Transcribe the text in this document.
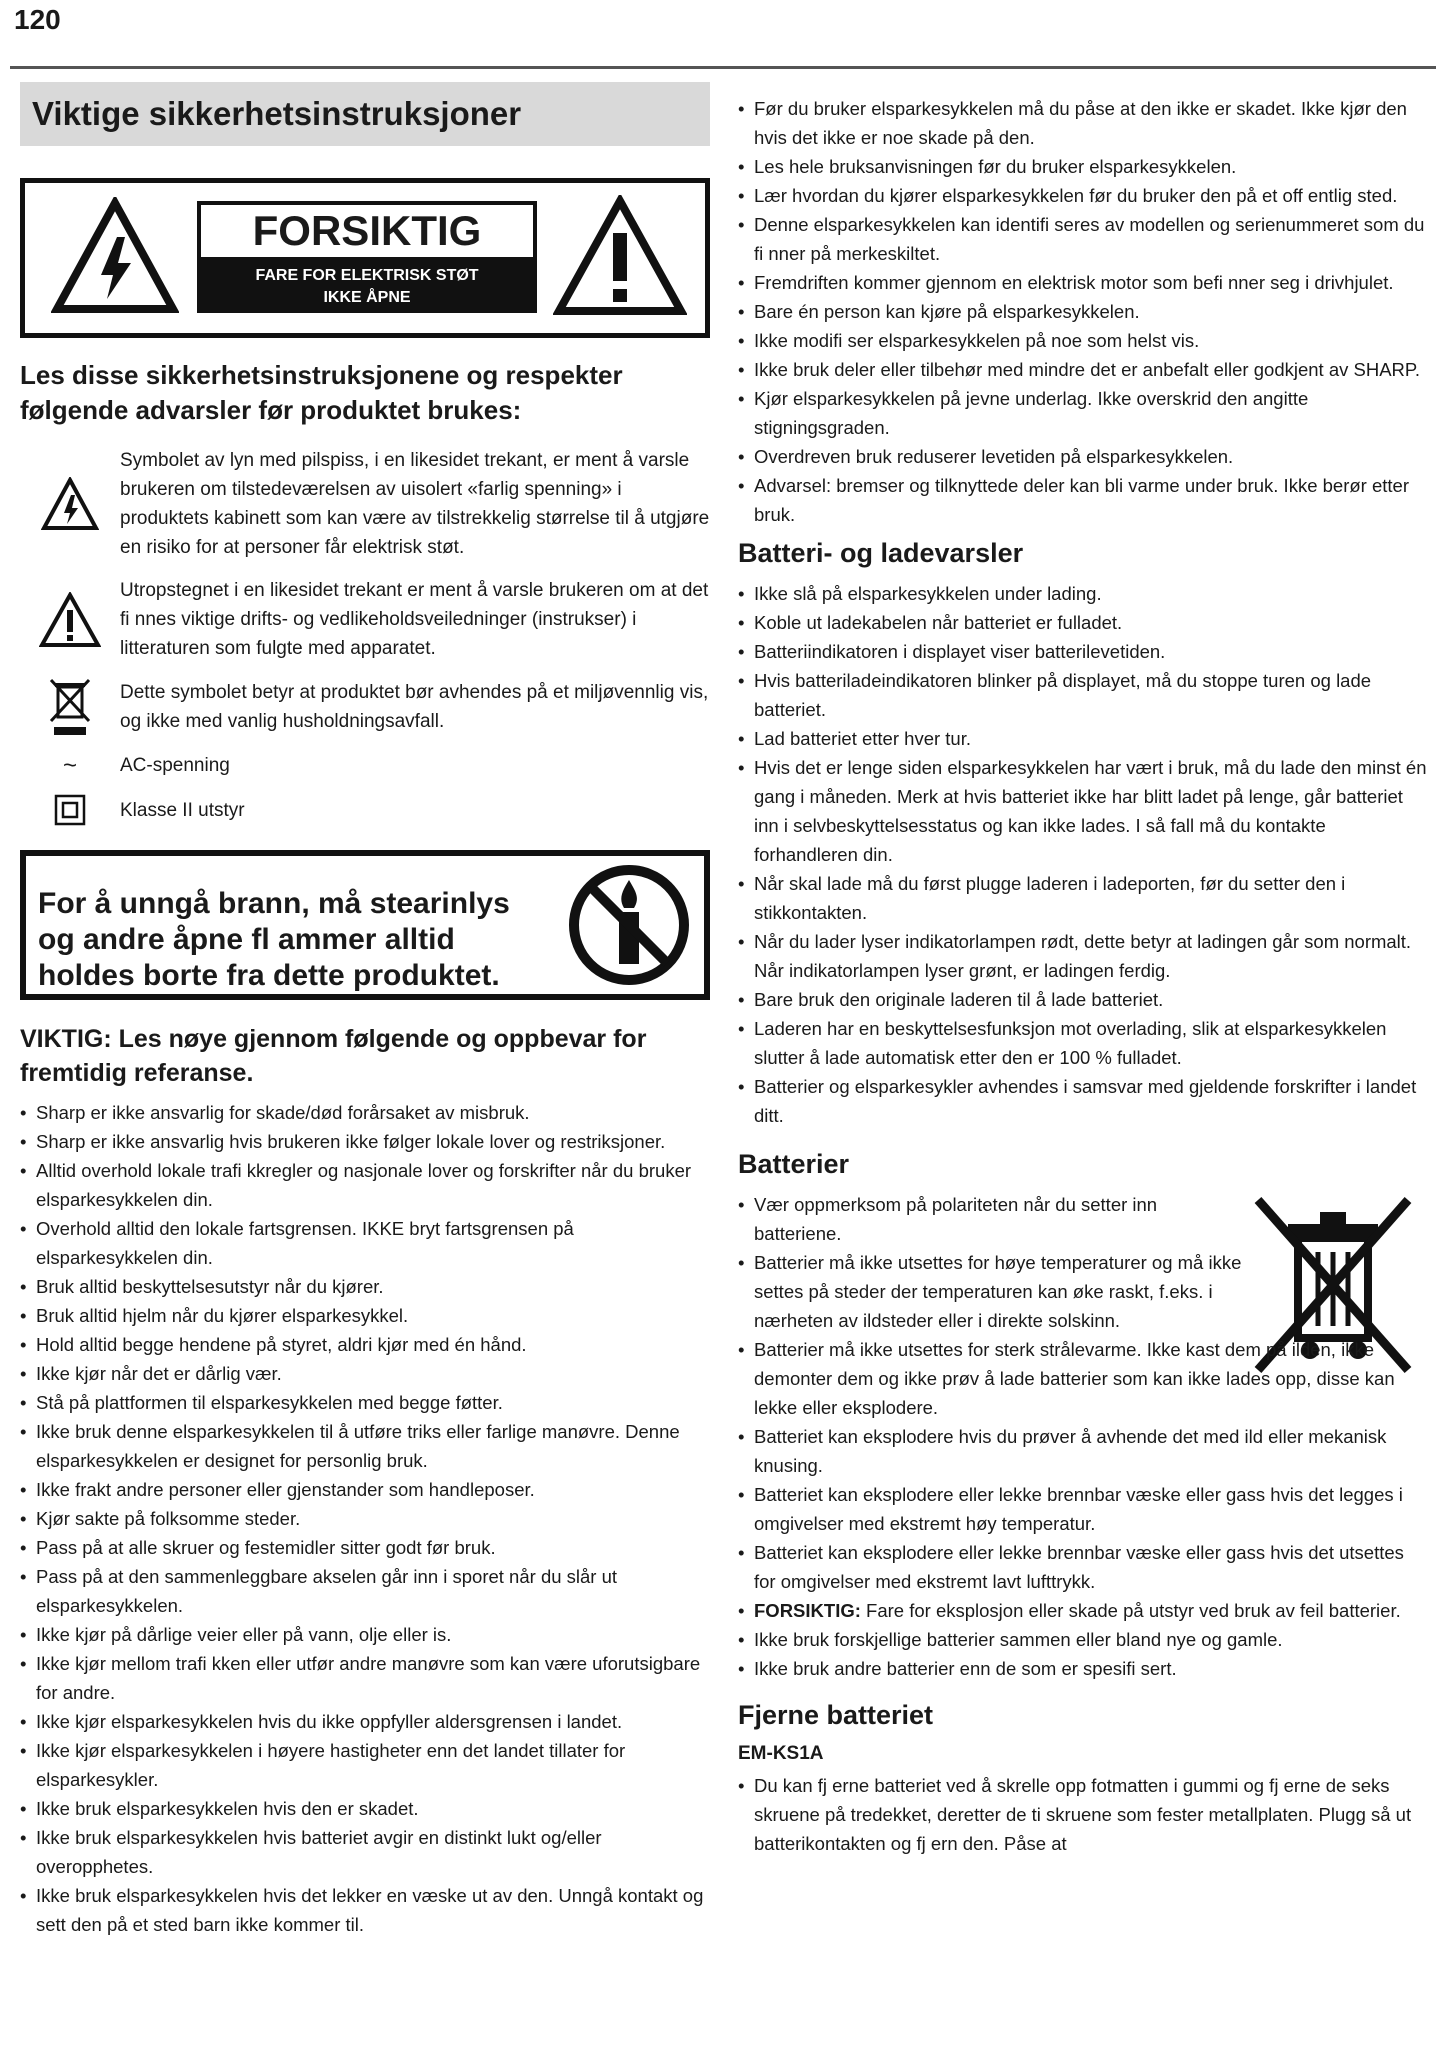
120
Viktige sikkerhetsinstruksjoner
FORSIKTIG
FARE FOR ELEKTRISK STØT
IKKE ÅPNE
Les disse sikkerhetsinstruksjonene og respekter følgende advarsler før produktet brukes:
Symbolet av lyn med pilspiss, i en likesidet trekant, er ment å varsle brukeren om tilstedeværelsen av uisolert «farlig spenning» i produktets kabinett som kan være av tilstrekkelig størrelse til å utgjøre en risiko for at personer får elektrisk støt.
Utropstegnet i en likesidet trekant er ment å varsle brukeren om at det fi nnes viktige drifts- og vedlikeholdsveiledninger (instrukser) i litteraturen som fulgte med apparatet.
Dette symbolet betyr at produktet bør avhendes på et miljøvennlig vis, og ikke med vanlig husholdningsavfall.
~	AC-spenning
Klasse II utstyr
For å unngå brann, må stearinlys og andre åpne fl ammer alltid holdes borte fra dette produktet.
VIKTIG: Les nøye gjennom følgende og oppbevar for fremtidig referanse.
• Sharp er ikke ansvarlig for skade/død forårsaket av misbruk.
• Sharp er ikke ansvarlig hvis brukeren ikke følger lokale lover og restriksjoner.
• Alltid overhold lokale trafi kkregler og nasjonale lover og forskrifter når du bruker elsparkesykkelen din.
• Overhold alltid den lokale fartsgrensen. IKKE bryt fartsgrensen på elsparkesykkelen din.
• Bruk alltid beskyttelsesutstyr når du kjører.
• Bruk alltid hjelm når du kjører elsparkesykkel.
• Hold alltid begge hendene på styret, aldri kjør med én hånd.
• Ikke kjør når det er dårlig vær.
• Stå på plattformen til elsparkesykkelen med begge føtter.
• Ikke bruk denne elsparkesykkelen til å utføre triks eller farlige manøvre. Denne elsparkesykkelen er designet for personlig bruk.
• Ikke frakt andre personer eller gjenstander som handleposer.
• Kjør sakte på folksomme steder.
• Pass på at alle skruer og festemidler sitter godt før bruk.
• Pass på at den sammenleggbare akselen går inn i sporet når du slår ut elsparkesykkelen.
• Ikke kjør på dårlige veier eller på vann, olje eller is.
• Ikke kjør mellom trafi kken eller utfør andre manøvre som kan være uforutsigbare for andre.
• Ikke kjør elsparkesykkelen hvis du ikke oppfyller aldersgrensen i landet.
• Ikke kjør elsparkesykkelen i høyere hastigheter enn det landet tillater for elsparkesykler.
• Ikke bruk elsparkesykkelen hvis den er skadet.
• Ikke bruk elsparkesykkelen hvis batteriet avgir en distinkt lukt og/eller overopphetes.
• Ikke bruk elsparkesykkelen hvis det lekker en væske ut av den. Unngå kontakt og sett den på et sted barn ikke kommer til.
• Før du bruker elsparkesykkelen må du påse at den ikke er skadet. Ikke kjør den hvis det ikke er noe skade på den.
• Les hele bruksanvisningen før du bruker elsparkesykkelen.
• Lær hvordan du kjører elsparkesykkelen før du bruker den på et off entlig sted.
• Denne elsparkesykkelen kan identifi seres av modellen og serienummeret som du fi nner på merkeskiltet.
• Fremdriften kommer gjennom en elektrisk motor som befi nner seg i drivhjulet.
• Bare én person kan kjøre på elsparkesykkelen.
• Ikke modifi ser elsparkesykkelen på noe som helst vis.
• Ikke bruk deler eller tilbehør med mindre det er anbefalt eller godkjent av SHARP.
• Kjør elsparkesykkelen på jevne underlag. Ikke overskrid den angitte stigningsgraden.
• Overdreven bruk reduserer levetiden på elsparkesykkelen.
• Advarsel: bremser og tilknyttede deler kan bli varme under bruk. Ikke berør etter bruk.
Batteri- og ladevarsler
• Ikke slå på elsparkesykkelen under lading.
• Koble ut ladekabelen når batteriet er fulladet.
• Batteriindikatoren i displayet viser batterilevetiden.
• Hvis batteriladeindikatoren blinker på displayet, må du stoppe turen og lade batteriet.
• Lad batteriet etter hver tur.
• Hvis det er lenge siden elsparkesykkelen har vært i bruk, må du lade den minst én gang i måneden. Merk at hvis batteriet ikke har blitt ladet på lenge, går batteriet inn i selvbeskyttelsesstatus og kan ikke lades. I så fall må du kontakte forhandleren din.
• Når skal lade må du først plugge laderen i ladeporten, før du setter den i stikkontakten.
• Når du lader lyser indikatorlampen rødt, dette betyr at ladingen går som normalt. Når indikatorlampen lyser grønt, er ladingen ferdig.
• Bare bruk den originale laderen til å lade batteriet.
• Laderen har en beskyttelsesfunksjon mot overlading, slik at elsparkesykkelen slutter å lade automatisk etter den er 100 % fulladet.
• Batterier og elsparkesykler avhendes i samsvar med gjeldende forskrifter i landet ditt.
Batterier
• Vær oppmerksom på polariteten når du setter inn batteriene.
• Batterier må ikke utsettes for høye temperaturer og må ikke settes på steder der temperaturen kan øke raskt, f.eks. i nærheten av ildsteder eller i direkte solskinn.
• Batterier må ikke utsettes for sterk strålevarme. Ikke kast dem på ilden, ikke demonter dem og ikke prøv å lade batterier som kan ikke lades opp, disse kan lekke eller eksplodere.
• Batteriet kan eksplodere hvis du prøver å avhende det med ild eller mekanisk knusing.
• Batteriet kan eksplodere eller lekke brennbar væske eller gass hvis det legges i omgivelser med ekstremt høy temperatur.
• Batteriet kan eksplodere eller lekke brennbar væske eller gass hvis det utsettes for omgivelser med ekstremt lavt lufttrykk.
• FORSIKTIG: Fare for eksplosjon eller skade på utstyr ved bruk av feil batterier.
• Ikke bruk forskjellige batterier sammen eller bland nye og gamle.
• Ikke bruk andre batterier enn de som er spesifi sert.
Fjerne batteriet
EM-KS1A
• Du kan fj erne batteriet ved å skrelle opp fotmatten i gummi og fj erne de seks skruene på tredekket, deretter de ti skruene som fester metallplaten. Plugg så ut batterikontakten og fj ern den. Påse at
